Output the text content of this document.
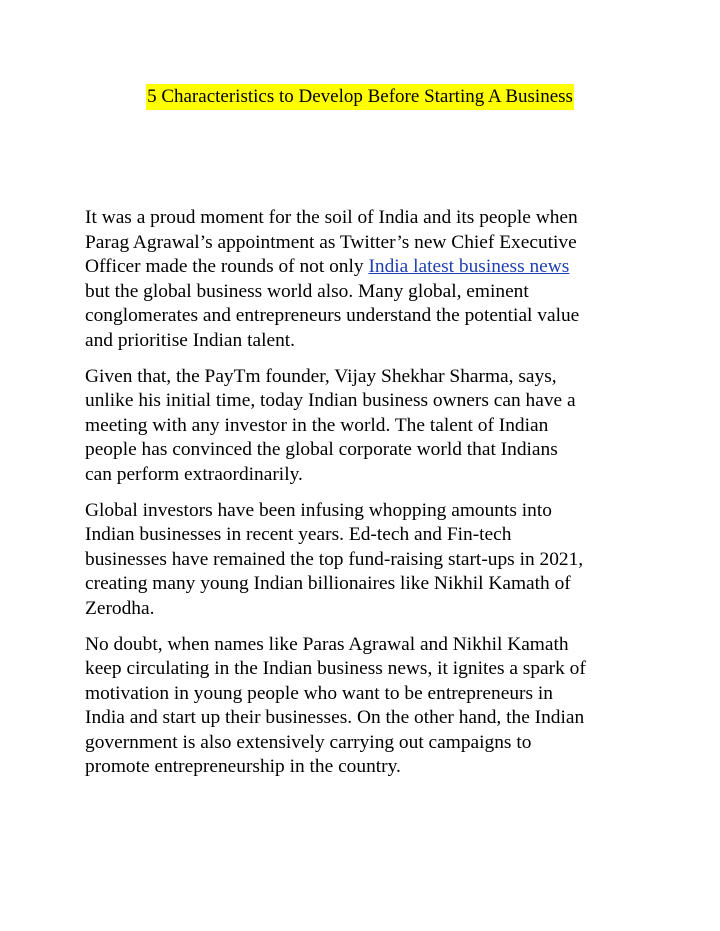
5 Characteristics to Develop Before Starting A Business

It was a proud moment for the soil of India and its people when
Parag Agrawal’s appointment as Twitter’s new Chief Executive
Officer made the rounds of not only India latest business news
but the global business world also. Many global, eminent
conglomerates and entrepreneurs understand the potential value
and prioritise Indian talent.

Given that, the PayTm founder, Vijay Shekhar Sharma, says,
unlike his initial time, today Indian business owners can have a
meeting with any investor in the world. The talent of Indian
people has convinced the global corporate world that Indians
can perform extraordinarily.

Global investors have been infusing whopping amounts into
Indian businesses in recent years. Ed-tech and Fin-tech
businesses have remained the top fund-raising start-ups in 2021,
creating many young Indian billionaires like Nikhil Kamath of
Zerodha.

No doubt, when names like Paras Agrawal and Nikhil Kamath
keep circulating in the Indian business news, it ignites a spark of
motivation in young people who want to be entrepreneurs in
India and start up their businesses. On the other hand, the Indian
government is also extensively carrying out campaigns to
promote entrepreneurship in the country.
